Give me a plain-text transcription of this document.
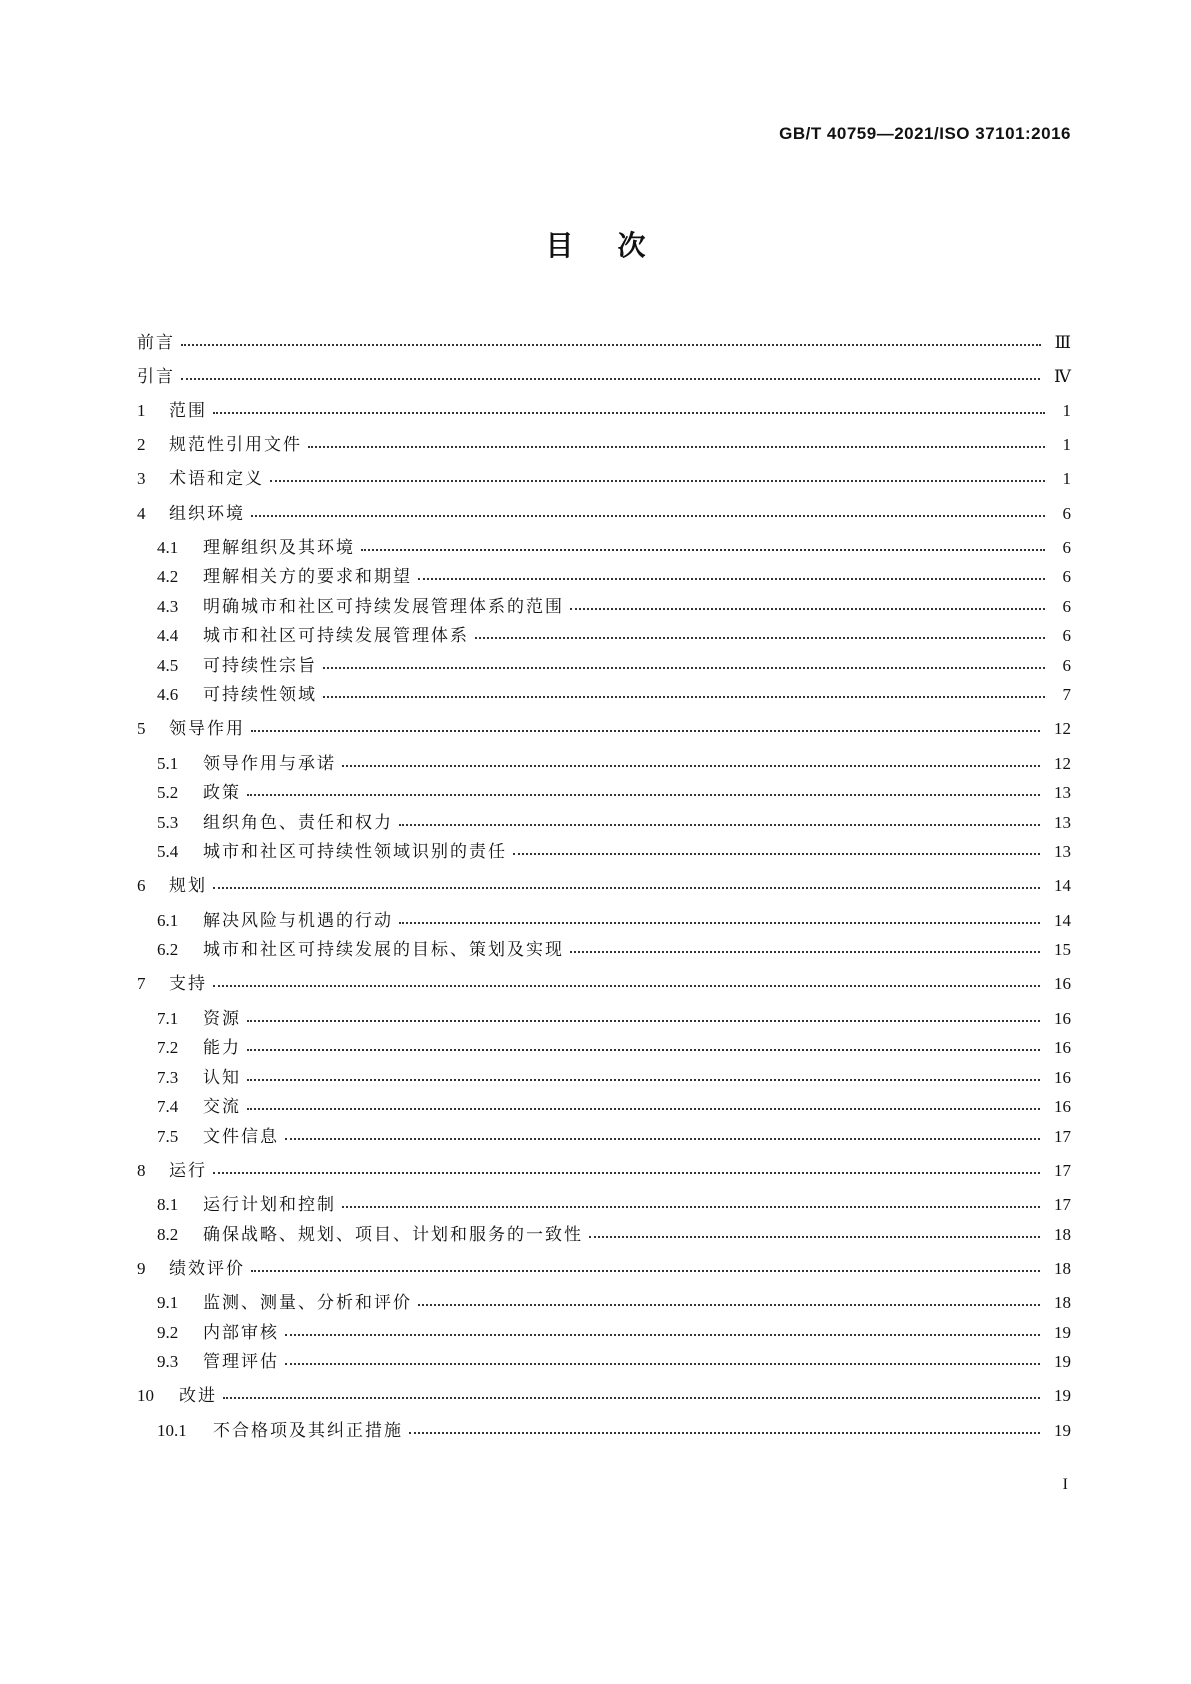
GB/T 40759—2021/ISO 37101:2016
目次
前言	Ⅲ
引言	Ⅳ
1	范围	1
2	规范性引用文件	1
3	术语和定义	1
4	组织环境	6
4.1	理解组织及其环境	6
4.2	理解相关方的要求和期望	6
4.3	明确城市和社区可持续发展管理体系的范围	6
4.4	城市和社区可持续发展管理体系	6
4.5	可持续性宗旨	6
4.6	可持续性领域	7
5	领导作用	12
5.1	领导作用与承诺	12
5.2	政策	13
5.3	组织角色、责任和权力	13
5.4	城市和社区可持续性领域识别的责任	13
6	规划	14
6.1	解决风险与机遇的行动	14
6.2	城市和社区可持续发展的目标、策划及实现	15
7	支持	16
7.1	资源	16
7.2	能力	16
7.3	认知	16
7.4	交流	16
7.5	文件信息	17
8	运行	17
8.1	运行计划和控制	17
8.2	确保战略、规划、项目、计划和服务的一致性	18
9	绩效评价	18
9.1	监测、测量、分析和评价	18
9.2	内部审核	19
9.3	管理评估	19
10	改进	19
10.1	不合格项及其纠正措施	19
I
